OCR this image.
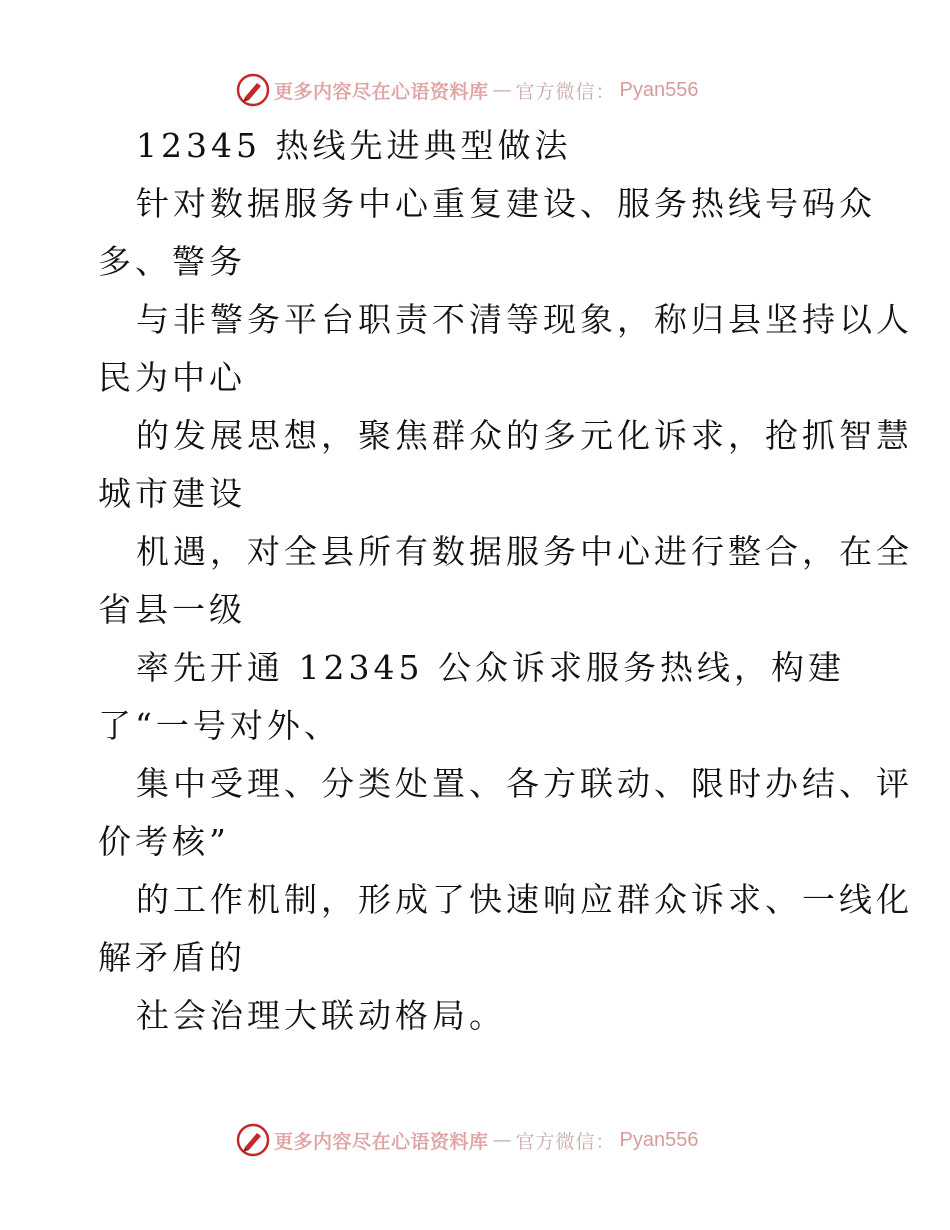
更多内容尽在心语资料库 — 官方微信： Pyan556
12345 热线先进典型做法
针对数据服务中心重复建设、服务热线号码众
多、警务
与非警务平台职责不清等现象，称归县坚持以人
民为中心
的发展思想，聚焦群众的多元化诉求，抢抓智慧
城市建设
机遇，对全县所有数据服务中心进行整合，在全
省县一级
率先开通 12345 公众诉求服务热线，构建
了“一号对外、
集中受理、分类处置、各方联动、限时办结、评
价考核”
的工作机制，形成了快速响应群众诉求、一线化
解矛盾的
社会治理大联动格局。
更多内容尽在心语资料库 — 官方微信： Pyan556
